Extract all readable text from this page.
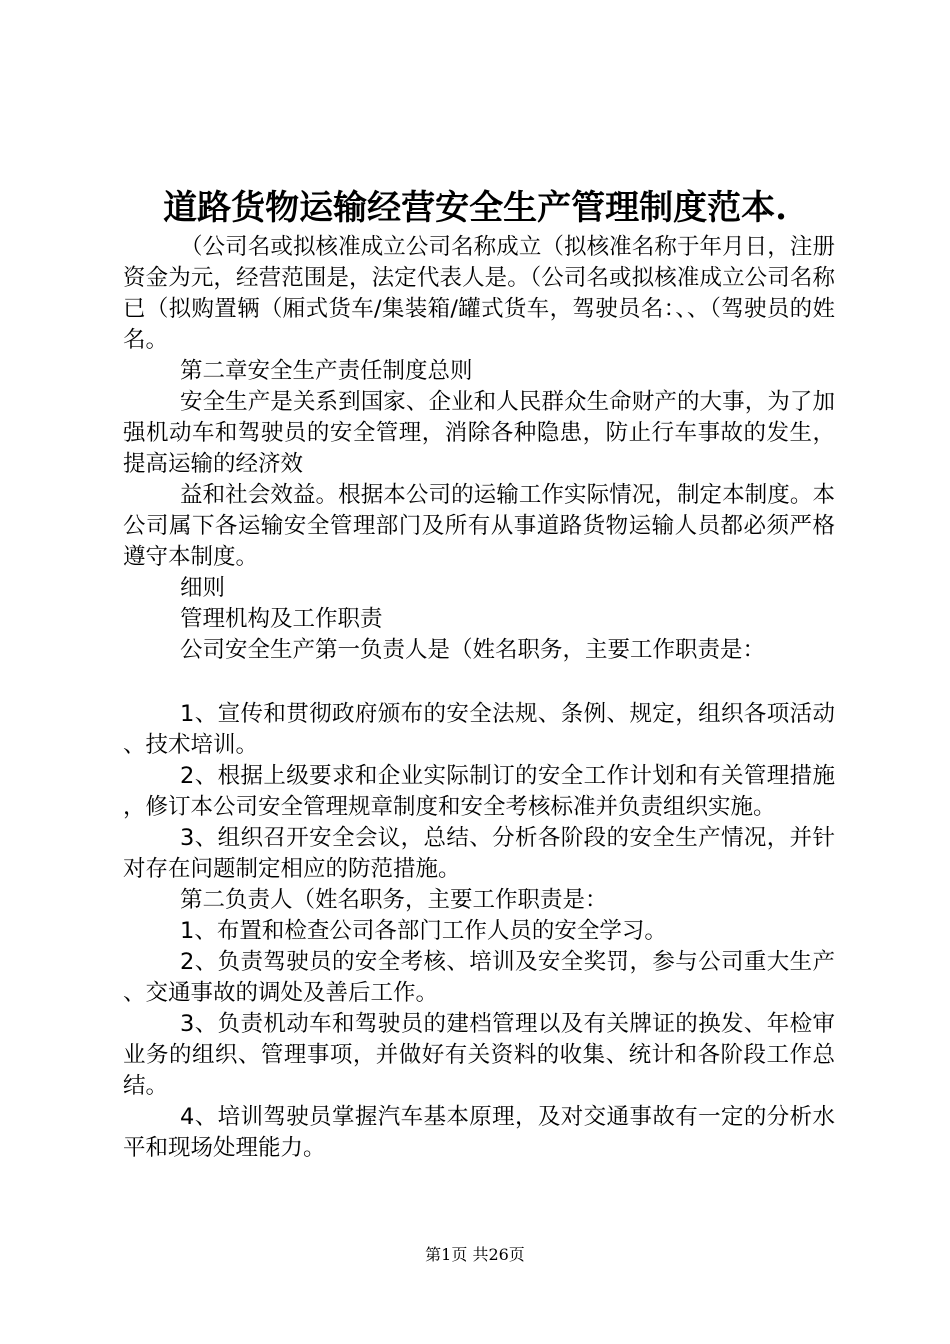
道路货物运输经营安全生产管理制度范本.

（公司名或拟核准成立公司名称成立（拟核准名称于年月日，注册资金为元，经营范围是，法定代表人是。（公司名或拟核准成立公司名称已（拟购置辆（厢式货车/集装箱/罐式货车，驾驶员名：、、（驾驶员的姓名。

第二章安全生产责任制度总则

安全生产是关系到国家、企业和人民群众生命财产的大事，为了加强机动车和驾驶员的安全管理，消除各种隐患，防止行车事故的发生，提高运输的经济效

益和社会效益。根据本公司的运输工作实际情况，制定本制度。本公司属下各运输安全管理部门及所有从事道路货物运输人员都必须严格遵守本制度。

细则

管理机构及工作职责

公司安全生产第一负责人是（姓名职务，主要工作职责是：

1、宣传和贯彻政府颁布的安全法规、条例、规定，组织各项活动、技术培训。

2、根据上级要求和企业实际制订的安全工作计划和有关管理措施，修订本公司安全管理规章制度和安全考核标准并负责组织实施。

3、组织召开安全会议，总结、分析各阶段的安全生产情况，并针对存在问题制定相应的防范措施。

第二负责人（姓名职务，主要工作职责是：

1、布置和检查公司各部门工作人员的安全学习。

2、负责驾驶员的安全考核、培训及安全奖罚，参与公司重大生产、交通事故的调处及善后工作。

3、负责机动车和驾驶员的建档管理以及有关牌证的换发、年检审业务的组织、管理事项，并做好有关资料的收集、统计和各阶段工作总结。

4、培训驾驶员掌握汽车基本原理，及对交通事故有一定的分析水平和现场处理能力。

第1页 共26页
